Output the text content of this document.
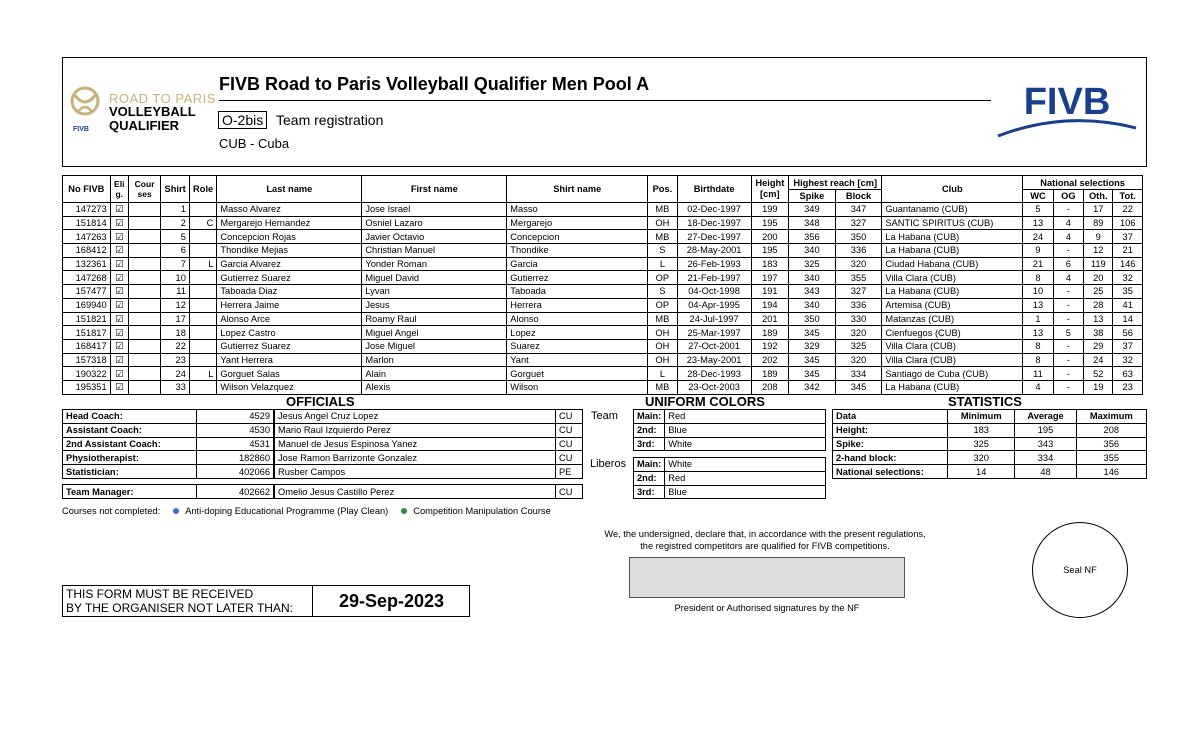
ROAD TO PARIS
VOLLEYBALL
QUALIFIER
FIVB
FIVB Road to Paris Volleyball Qualifier Men Pool A
O-2bis Team registration
CUB - Cuba
FIVB
No FIVB	Eli g.	Cour ses	Shirt	Role	Last name	First name	Shirt name	Pos.	Birthdate	Height [cm]	Highest reach [cm]		Club	National selections			
											Spike	Block		WC	OG	Oth.	Tot.
147273	☑		1		Masso Alvarez	Jose Israel	Masso	MB	02-Dec-1997	199	349	347	Guantanamo (CUB)	5	-	17	22
151814	☑		2	C	Mergarejo Hernandez	Osniel Lazaro	Mergarejo	OH	18-Dec-1997	195	348	327	SANTIC SPIRITUS (CUB)	13	4	89	106
147263	☑		5		Concepcion Rojas	Javier Octavio	Concepcion	MB	27-Dec-1997	200	356	350	La Habana (CUB)	24	4	9	37
168412	☑		6		Thondike Mejias	Christian Manuel	Thondike	S	28-May-2001	195	340	336	La Habana (CUB)	9	-	12	21
132361	☑		7	L	Garcia Alvarez	Yonder Roman	Garcia	L	26-Feb-1993	183	325	320	Ciudad Habana (CUB)	21	6	119	146
147268	☑		10		Gutierrez Suarez	Miguel David	Gutierrez	OP	21-Feb-1997	197	340	355	Villa Clara (CUB)	8	4	20	32
157477	☑		11		Taboada Diaz	Lyvan	Taboada	S	04-Oct-1998	191	343	327	La Habana (CUB)	10	-	25	35
169940	☑		12		Herrera Jaime	Jesus	Herrera	OP	04-Apr-1995	194	340	336	Artemisa (CUB)	13	-	28	41
151821	☑		17		Alonso Arce	Roamy Raul	Alonso	MB	24-Jul-1997	201	350	330	Matanzas (CUB)	1	-	13	14
151817	☑		18		Lopez Castro	Miguel Angel	Lopez	OH	25-Mar-1997	189	345	320	Cienfuegos (CUB)	13	5	38	56
168417	☑		22		Gutierrez Suarez	Jose Miguel	Suarez	OH	27-Oct-2001	192	329	325	Villa Clara (CUB)	8	-	29	37
157318	☑		23		Yant Herrera	Marlon	Yant	OH	23-May-2001	202	345	320	Villa Clara (CUB)	8	-	24	32
190322	☑		24	L	Gorguet Salas	Alain	Gorguet	L	28-Dec-1993	189	345	334	Santiago de Cuba (CUB)	11	-	52	63
195351	☑		33		Wilson Velazquez	Alexis	Wilson	MB	23-Oct-2003	208	342	345	La Habana (CUB)	4	-	19	23
OFFICIALS	UNIFORM COLORS	STATISTICS
Head Coach:	4529		Jesus Angel Cruz Lopez	CU
Assistant Coach:	4530		Mario Raul Izquierdo Perez	CU
2nd Assistant Coach:	4531		Manuel de Jesus Espinosa Yanez	CU
Physiotherapist:	182860		Jose Ramon Barrizonte Gonzalez	CU
Statistician:	402066		Rusber Campos	PE
Team Manager:	402662		Omelio Jesus Castillo Perez	CU
Team
Liberos
Main:	Red
2nd:	Blue
3rd:	White
Main:	White
2nd:	Red
3rd:	Blue
Data	Minimum	Average	Maximum
Height:	183	195	208
Spike:	325	343	356
2-hand block:	320	334	355
National selections:	14	48	146
Courses not completed:	Anti-doping Educational Programme (Play Clean)	Competition Manipulation Course
We, the undersigned, declare that, in accordance with the present regulations,
the registred competitors are qualified for FIVB competitions.
President or Authorised signatures by the NF
Seal NF
THIS FORM MUST BE RECEIVED
BY THE ORGANISER NOT LATER THAN:	29-Sep-2023
